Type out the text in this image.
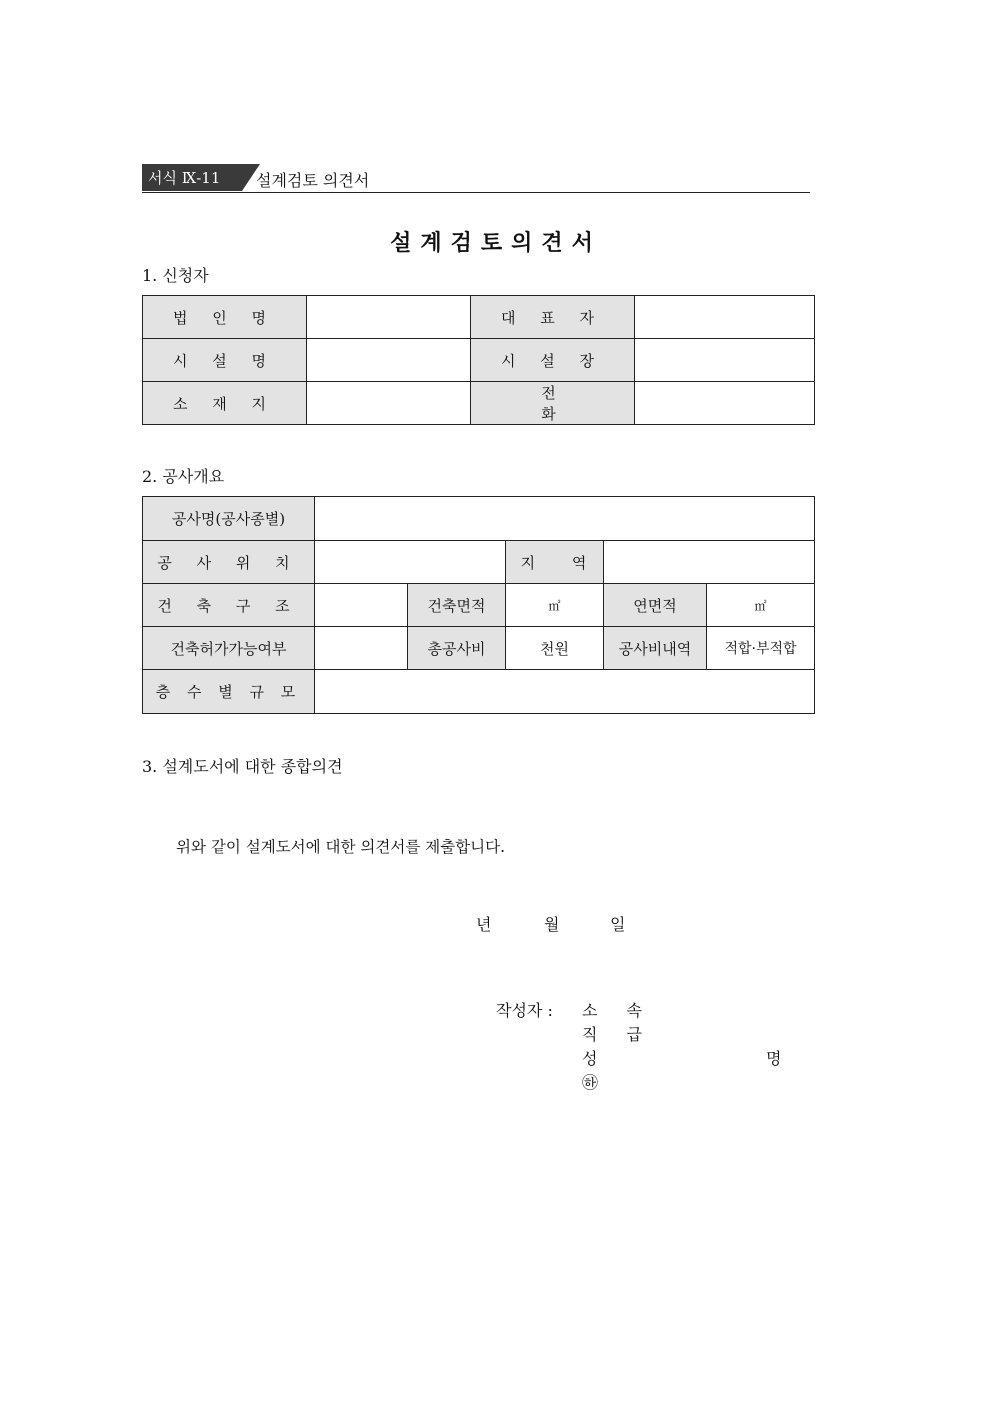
서식 Ⅸ-11 설계검토 의견서
설계검토의견서
1. 신청자
법 인 명		대 표 자	
시 설 명		시 설 장	
소 재 지		전 화	
2. 공사개요
공사명(공사종별)					
공 사 위 치			지 역		
건 축 구 조		건축면적	㎡	연면적	㎡
건축허가가능여부		총공사비	천원	공사비내역	적합·부적합
층 수 별 규 모					
3. 설계도서에 대한 종합의견
위와 같이 설계도서에 대한 의견서를 제출합니다.
년	월	일
작성자 : 소 속
직 급
성	명
㉻
